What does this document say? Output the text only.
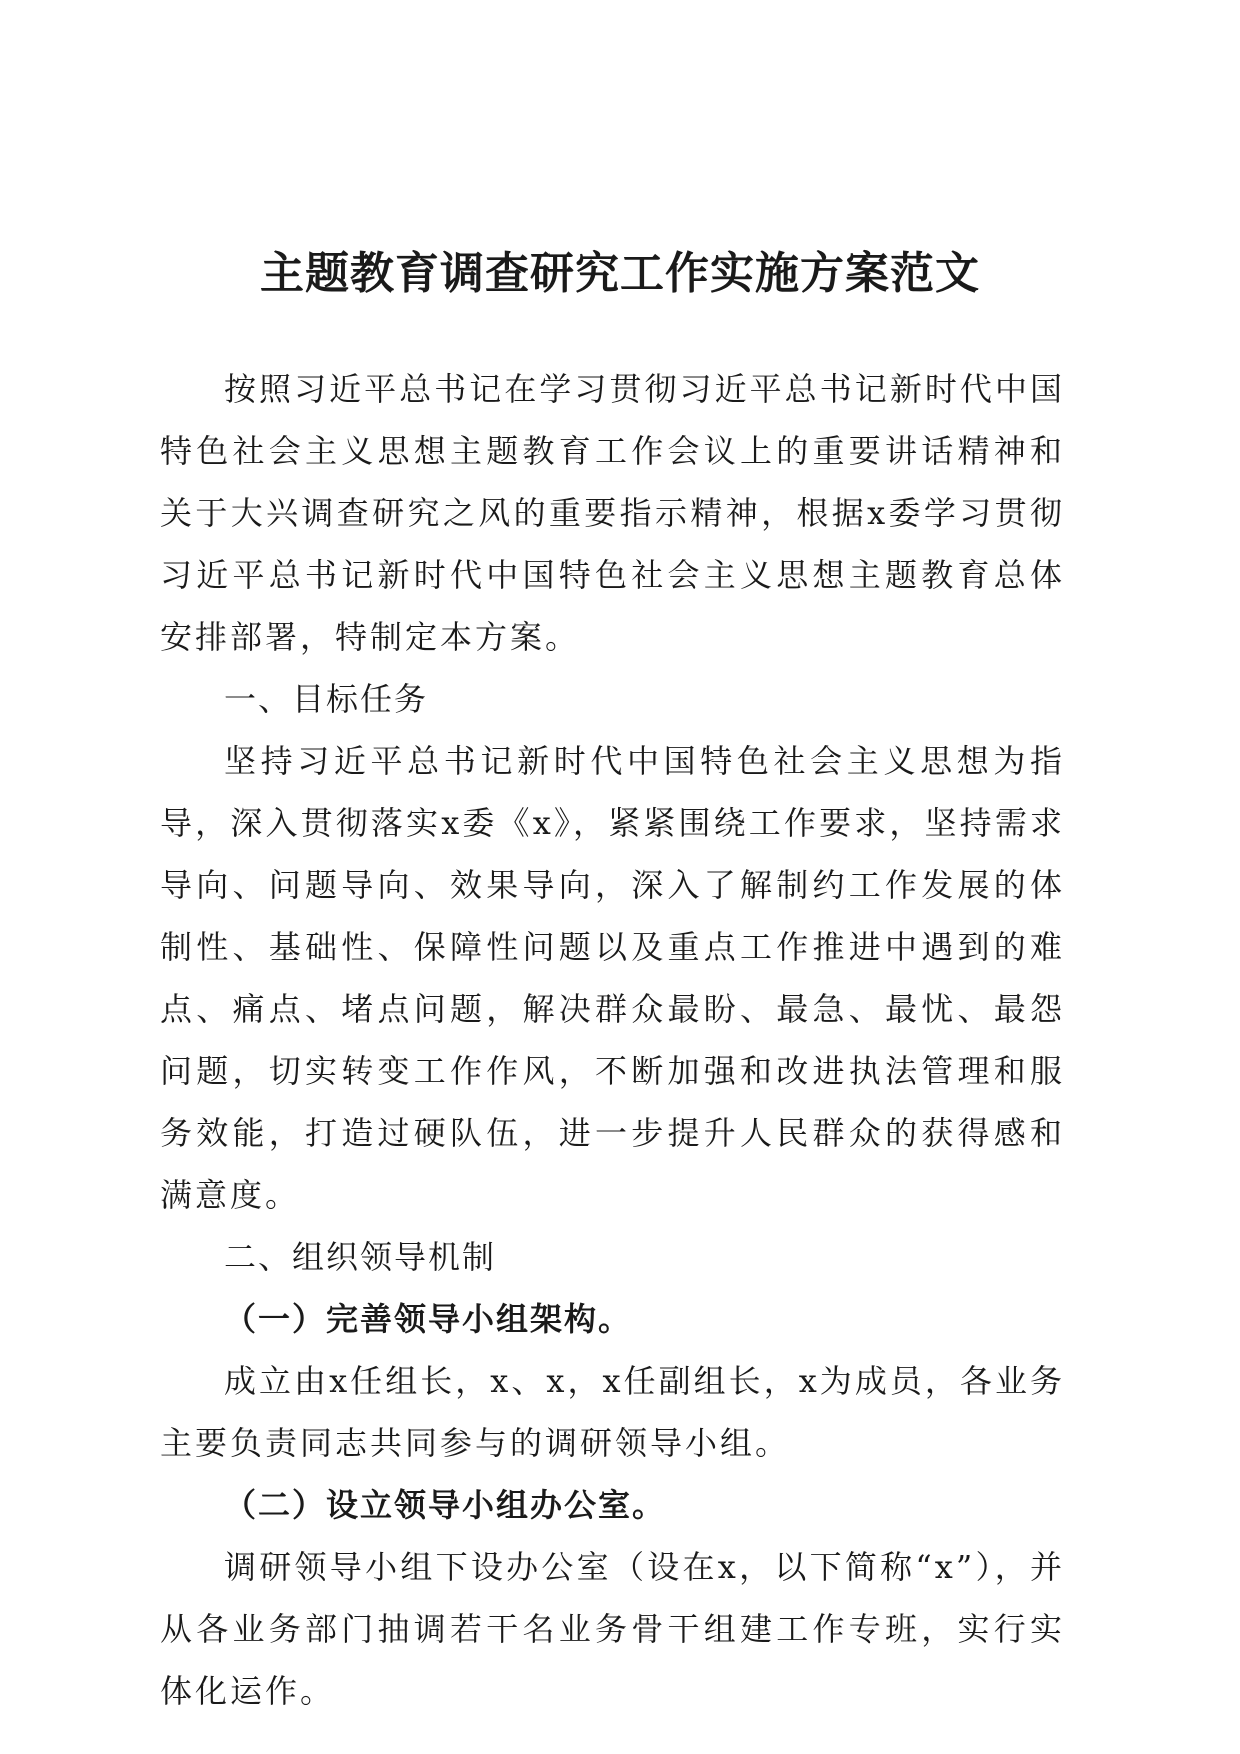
主题教育调查研究工作实施方案范文

按照习近平总书记在学习贯彻习近平总书记新时代中国特色社会主义思想主题教育工作会议上的重要讲话精神和关于大兴调查研究之风的重要指示精神，根据x委学习贯彻习近平总书记新时代中国特色社会主义思想主题教育总体安排部署，特制定本方案。

一、目标任务

坚持习近平总书记新时代中国特色社会主义思想为指导，深入贯彻落实x委《x》，紧紧围绕工作要求，坚持需求导向、问题导向、效果导向，深入了解制约工作发展的体制性、基础性、保障性问题以及重点工作推进中遇到的难点、痛点、堵点问题，解决群众最盼、最急、最忧、最怨问题，切实转变工作作风，不断加强和改进执法管理和服务效能，打造过硬队伍，进一步提升人民群众的获得感和满意度。

二、组织领导机制
（一）完善领导小组架构。

成立由x任组长，x、x，x任副组长，x为成员，各业务主要负责同志共同参与的调研领导小组。

（二）设立领导小组办公室。

调研领导小组下设办公室（设在x，以下简称“x”），并从各业务部门抽调若干名业务骨干组建工作专班，实行实体化运作。
